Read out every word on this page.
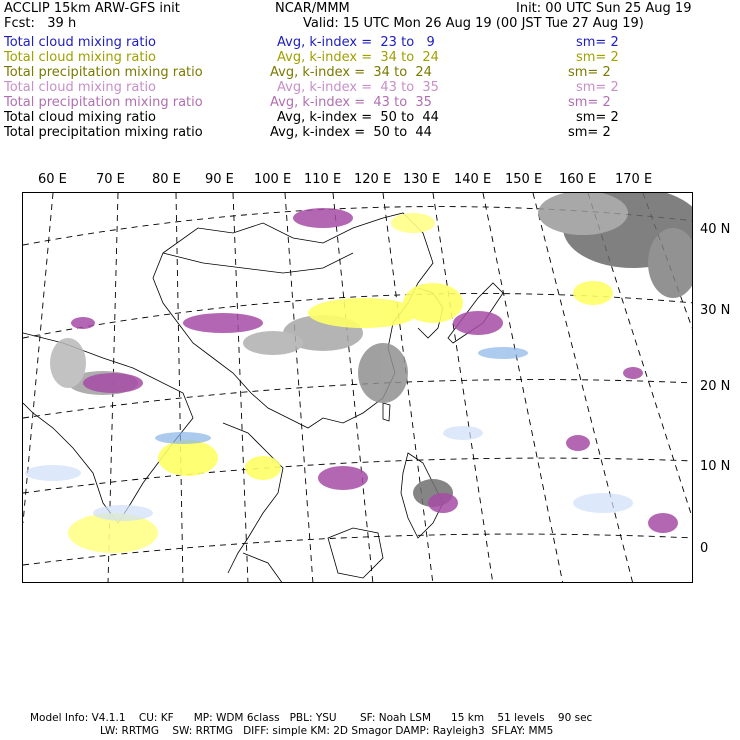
ACCLIP 15km ARW-GFS init	NCAR/MMM	Init: 00 UTC Sun 25 Aug 19
Fcst:   39 h	Valid: 15 UTC Mon 26 Aug 19 (00 JST Tue 27 Aug 19)
Total cloud mixing ratio	Avg, k-index =  23 to   9	sm= 2
Total cloud mixing ratio	Avg, k-index =  34 to  24	sm= 2
Total precipitation mixing ratio	Avg, k-index =  34 to  24	sm= 2
Total cloud mixing ratio	Avg, k-index =  43 to  35	sm= 2
Total precipitation mixing ratio	Avg, k-index =  43 to  35	sm= 2
Total cloud mixing ratio	Avg, k-index =  50 to  44	sm= 2
Total precipitation mixing ratio	Avg, k-index =  50 to  44	sm= 2
60 E 70 E 80 E 90 E 100 E 110 E 120 E 130 E 140 E 150 E 160 E 170 E
40 N
30 N
20 N
10 N
0
Model Info: V4.1.1    CU: KF      MP: WDM 6class   PBL: YSU       SF: Noah LSM      15 km    51 levels    90 sec
LW: RRTMG    SW: RRTMG   DIFF: simple KM: 2D Smagor DAMP: Rayleigh3  SFLAY: MM5
